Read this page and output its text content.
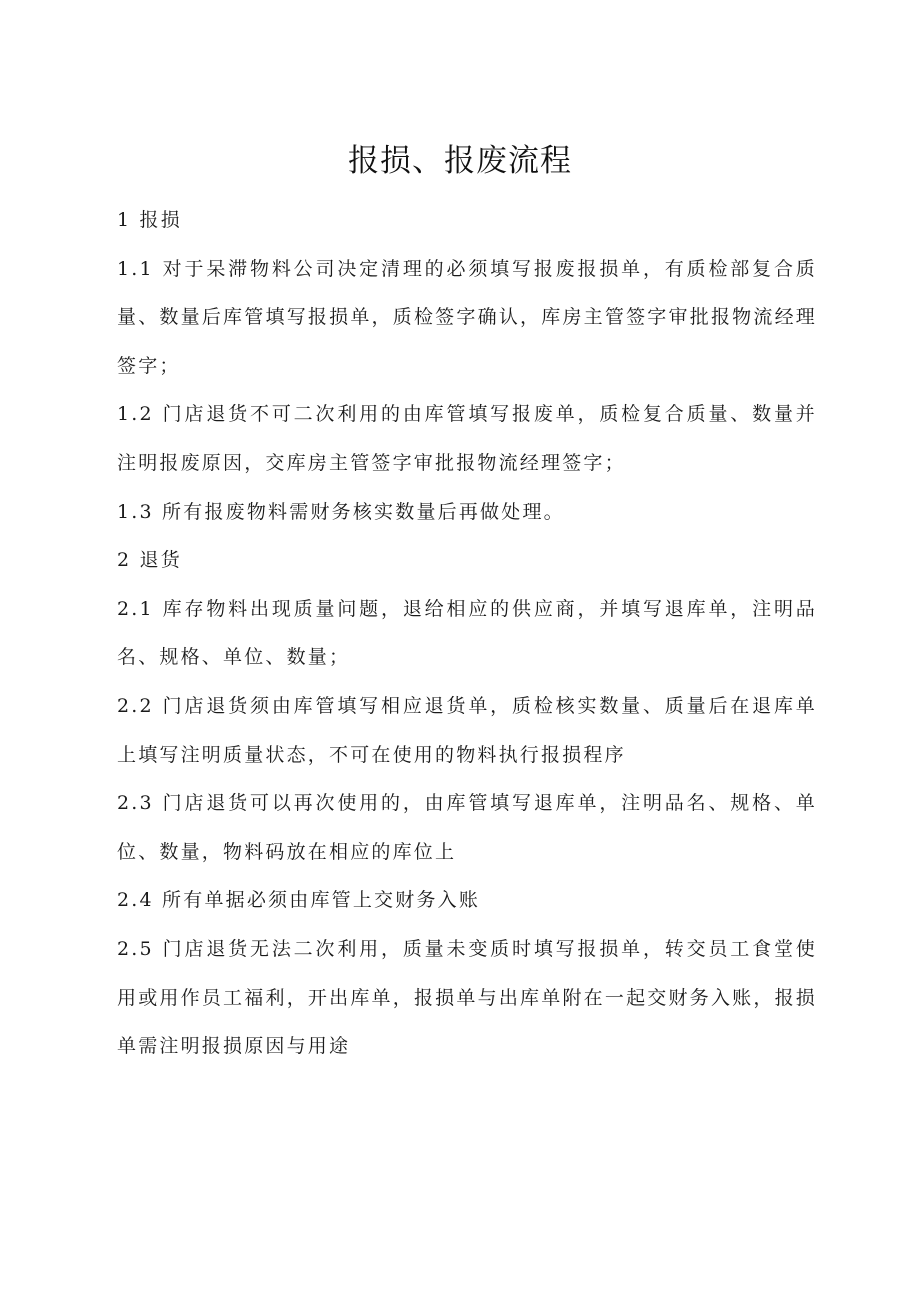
报损、报废流程

1 报损

1.1 对于呆滞物料公司决定清理的必须填写报废报损单，有质检部复合质量、数量后库管填写报损单，质检签字确认，库房主管签字审批报物流经理签字；

1.2 门店退货不可二次利用的由库管填写报废单，质检复合质量、数量并注明报废原因，交库房主管签字审批报物流经理签字；

1.3 所有报废物料需财务核实数量后再做处理。

2 退货

2.1 库存物料出现质量问题，退给相应的供应商，并填写退库单，注明品名、规格、单位、数量；

2.2 门店退货须由库管填写相应退货单，质检核实数量、质量后在退库单上填写注明质量状态，不可在使用的物料执行报损程序

2.3 门店退货可以再次使用的，由库管填写退库单，注明品名、规格、单位、数量，物料码放在相应的库位上

2.4 所有单据必须由库管上交财务入账

2.5 门店退货无法二次利用，质量未变质时填写报损单，转交员工食堂使用或用作员工福利，开出库单，报损单与出库单附在一起交财务入账，报损单需注明报损原因与用途
